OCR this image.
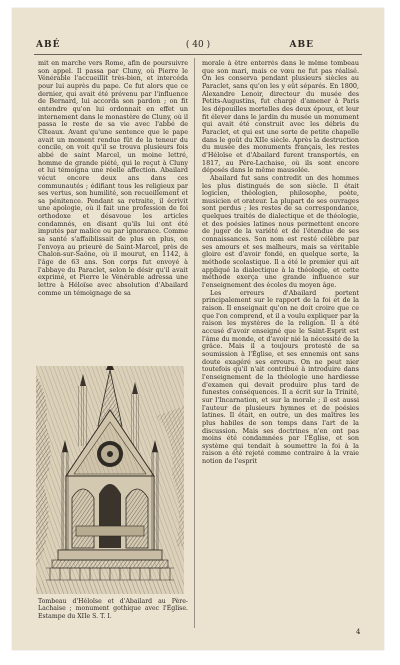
ABÉ	( 40 )	ABE

mit en marche vers Rome, afin de poursuivre son appel. Il passa par Cluny, où Pierre le Vénérable l'accueillit très-bien, et intercéda pour lui auprès du pape. Ce fut alors que ce dernier, qui avait été prévenu par l'influence de Bernard, lui accorda son pardon ; on fit entendre qu'on lui ordonnait en effet un internement dans le monastère de Cluny, où il passa le reste de sa vie avec l'abbé de Cîteaux. Avant qu'une sentence que le pape avait un moment rendue fût de la teneur du concile, on voit qu'il se trouva plusieurs fois abbé de saint Marcel, un moine lettré, homme de grande piété, qui le reçut à Cluny et lui témoigna une réelle affection. Abailard vécut encore deux ans dans ces communautés ; édifiant tous les religieux par ses vertus, son humilité, son recueillement et sa pénitence. Pendant sa retraite, il écrivit une apologie, où il fait une profession de foi orthodoxe et désavoue les articles condamnés, en disant qu'ils lui ont été imputés par malice ou par ignorance. Comme sa santé s'affaiblissait de plus en plus, on l'envoya au prieuré de Saint-Marcel, près de Chalon-sur-Saône, où il mourut, en 1142, à l'âge de 63 ans. Son corps fut envoyé à l'abbaye du Paraclet, selon le désir qu'il avait exprimé, et Pierre le Vénérable adressa une lettre à Héloïse avec absolution d'Abailard comme un témoignage de sa

morale à être enterrés dans le même tombeau que son mari, mais ce vœu ne fut pas réalisé. On les conserva pendant plusieurs siècles au Paraclet, sans qu'on les y eût séparés. En 1800, Alexandre Lenoir, directeur du musée des Petits-Augustins, fut chargé d'amener à Paris les dépouilles mortelles des deux époux, et leur fit élever dans le jardin du musée un monument qui avait été construit avec les débris du Paraclet, et qui est une sorte de petite chapelle dans le goût du XIIe siècle. Après la destruction du musée des monuments français, les restes d'Héloïse et d'Abailard furent transportés, en 1817, au Père-Lachaise, où ils sont encore déposés dans le même mausolée.

Abailard fut sans contredit un des hommes les plus distingués de son siècle. Il était logicien, théologien, philosophe, poète, musicien et orateur. La plupart de ses ouvrages sont perdus ; les restes de sa correspondance, quelques traités de dialectique et de théologie, et des poésies latines nous permettent encore de juger de la variété et de l'étendue de ses connaissances. Son nom est resté célèbre par ses amours et ses malheurs, mais sa véritable gloire est d'avoir fondé, en quelque sorte, la méthode scolastique. Il a été le premier qui ait appliqué la dialectique à la théologie, et cette méthode exerça une grande influence sur l'enseignement des écoles du moyen âge.

Les erreurs d'Abailard portent principalement sur le rapport de la foi et de la raison. Il enseignait qu'on ne doit croire que ce que l'on comprend, et il a voulu expliquer par la raison les mystères de la religion. Il a été accusé d'avoir enseigné que le Saint-Esprit est l'âme du monde, et d'avoir nié la nécessité de la grâce. Mais il a toujours protesté de sa soumission à l'Église, et ses ennemis ont sans doute exagéré ses erreurs. On ne peut nier toutefois qu'il n'ait contribué à introduire dans l'enseignement de la théologie une hardiesse d'examen qui devait produire plus tard de funestes conséquences. Il a écrit sur la Trinité, sur l'Incarnation, et sur la morale ; il est aussi l'auteur de plusieurs hymnes et de poésies latines. Il était, en outre, un des maîtres les plus habiles de son temps dans l'art de la discussion. Mais ses doctrines n'en ont pas moins été condamnées par l'Église, et son système qui tendait à soumettre la foi à la raison a été rejeté comme contraire à la vraie notion de l'esprit

Tombeau d'Héloïse et d'Abailard au Père-Lachaise ; monument gothique avec l'Église. Estampe du XIIe S. T. I.
4
